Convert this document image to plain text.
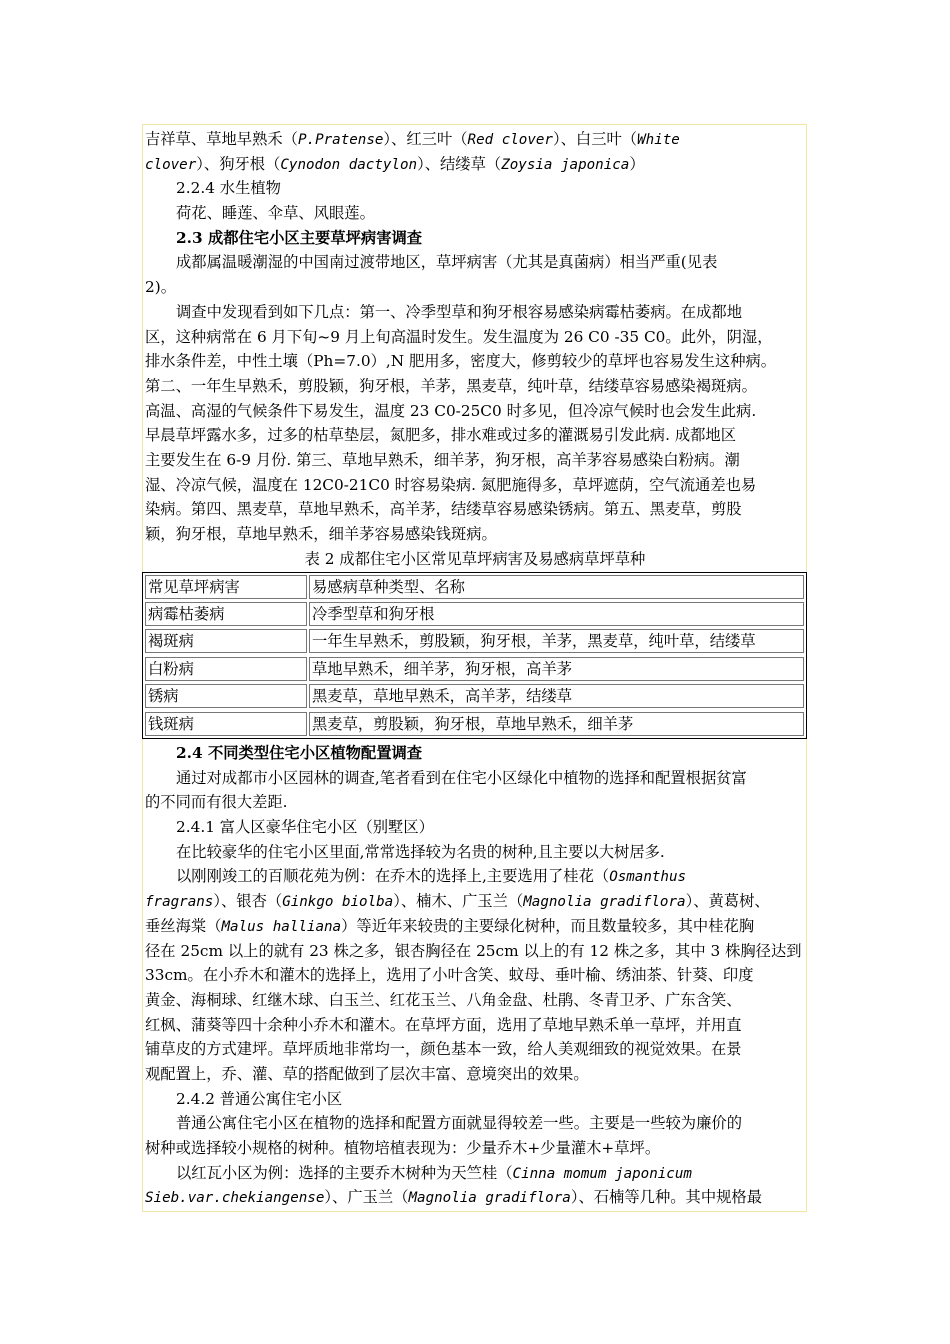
吉祥草、草地早熟禾（P.Pratense）、红三叶（Red clover）、白三叶（White
clover）、狗牙根（Cynodon dactylon）、结缕草（Zoysia japonica）
2.2.4 水生植物
荷花、睡莲、伞草、风眼莲。
2.3 成都住宅小区主要草坪病害调查
成都属温暖潮湿的中国南过渡带地区，草坪病害（尤其是真菌病）相当严重(见表
2)。
调查中发现看到如下几点：第一、冷季型草和狗牙根容易感染病霉枯萎病。在成都地
区，这种病常在 6 月下旬~9 月上旬高温时发生。发生温度为 26 C0 -35 C0。此外，阴湿，
排水条件差，中性土壤（Ph=7.0）,N 肥用多，密度大，修剪较少的草坪也容易发生这种病。
第二、一年生早熟禾，剪股颖，狗牙根，羊茅，黑麦草，纯叶草，结缕草容易感染褐斑病。
高温、高湿的气候条件下易发生，温度 23 C0-25C0 时多见，但冷凉气候时也会发生此病.
早晨草坪露水多，过多的枯草垫层，氮肥多，排水难或过多的灌溉易引发此病. 成都地区
主要发生在 6-9 月份. 第三、草地早熟禾，细羊茅，狗牙根，高羊茅容易感染白粉病。潮
湿、冷凉气候，温度在 12C0-21C0 时容易染病. 氮肥施得多，草坪遮荫，空气流通差也易
染病。第四、黑麦草，草地早熟禾，高羊茅，结缕草容易感染锈病。第五、黑麦草，剪股
颖，狗牙根，草地早熟禾，细羊茅容易感染钱斑病。
表 2 成都住宅小区常见草坪病害及易感病草坪草种
常见草坪病害	易感病草种类型、名称
病霉枯萎病	冷季型草和狗牙根
褐斑病	一年生早熟禾，剪股颖，狗牙根，羊茅，黑麦草，纯叶草，结缕草
白粉病	草地早熟禾，细羊茅，狗牙根，高羊茅
锈病	黑麦草，草地早熟禾，高羊茅，结缕草
钱斑病	黑麦草，剪股颖，狗牙根，草地早熟禾，细羊茅
2.4 不同类型住宅小区植物配置调查
通过对成都市小区园林的调查,笔者看到在住宅小区绿化中植物的选择和配置根据贫富
的不同而有很大差距.
2.4.1 富人区豪华住宅小区（别墅区）
在比较豪华的住宅小区里面,常常选择较为名贵的树种,且主要以大树居多.
以刚刚竣工的百顺花苑为例：在乔木的选择上,主要选用了桂花（Osmanthus
fragrans）、银杏（Ginkgo biolba）、楠木、广玉兰（Magnolia gradiflora）、黄葛树、
垂丝海棠（Malus halliana）等近年来较贵的主要绿化树种，而且数量较多，其中桂花胸
径在 25cm 以上的就有 23 株之多，银杏胸径在 25cm 以上的有 12 株之多，其中 3 株胸径达到
33cm。在小乔木和灌木的选择上，选用了小叶含笑、蚊母、垂叶榆、绣油茶、针葵、印度
黄金、海桐球、红继木球、白玉兰、红花玉兰、八角金盘、杜鹃、冬青卫矛、广东含笑、
红枫、蒲葵等四十余种小乔木和灌木。在草坪方面，选用了草地早熟禾单一草坪，并用直
铺草皮的方式建坪。草坪质地非常均一，颜色基本一致，给人美观细致的视觉效果。在景
观配置上，乔、灌、草的搭配做到了层次丰富、意境突出的效果。
2.4.2 普通公寓住宅小区
普通公寓住宅小区在植物的选择和配置方面就显得较差一些。主要是一些较为廉价的
树种或选择较小规格的树种。植物培植表现为：少量乔木+少量灌木+草坪。
以红瓦小区为例：选择的主要乔木树种为天竺桂（Cinna momum japonicum
Sieb.var.chekiangense）、广玉兰（Magnolia gradiflora）、石楠等几种。其中规格最
